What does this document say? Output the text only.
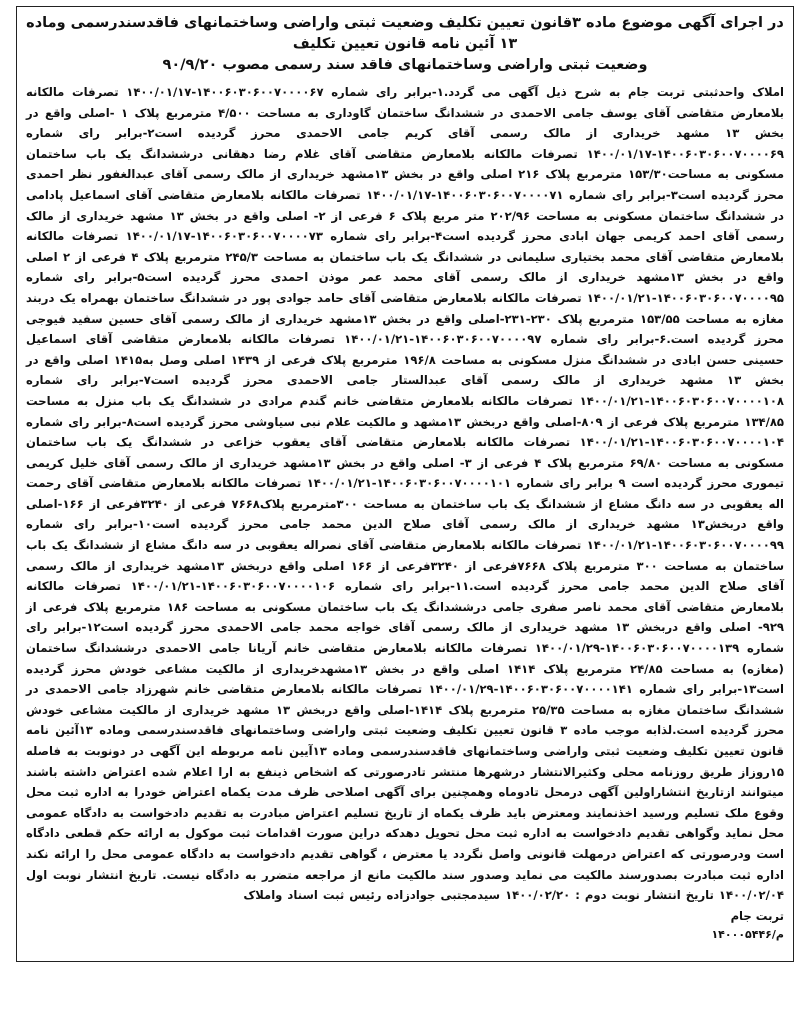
در اجرای آگهی موضوع ماده ۳قانون تعیین تکلیف وضعیت ثبتی واراضی وساختمانهای فاقدسندرسمی وماده ۱۳ آئین نامه قانون تعیین تکلیف
وضعیت ثبتی واراضی وساختمانهای فاقد سند رسمی مصوب ۹۰/۹/۲۰

املاک واحدثبتی تربت جام به شرح ذیل آگهی می گردد.۱-برابر رای شماره ۱۴۰۰۶۰۳۰۶۰۰۷۰۰۰۰۶۷-۱۴۰۰/۰۱/۱۷ تصرفات مالکانه بلامعارض متقاضی آقای یوسف جامی الاحمدی در ششدانگ ساختمان گاوداری به مساحت ۴/۵۰۰ مترمربع پلاک ۱ -اصلی واقع در بخش ۱۳ مشهد خریداری از مالک رسمی آقای کریم جامی الاحمدی محرز گردیده است۲-برابر رای شماره ۱۴۰۰۶۰۳۰۶۰۰۷۰۰۰۰۶۹-۱۴۰۰/۰۱/۱۷ تصرفات مالکانه بلامعارض متقاضی آقای غلام رضا دهقانی درششدانگ یک باب ساختمان مسکونی به مساحت۱۵۳/۳۰ مترمربع پلاک ۲۱۶ اصلی واقع در بخش ۱۳مشهد خریداری از مالک رسمی آقای عبدالغفور نظر احمدی محرز گردیده است۳-برابر رای شماره ۱۴۰۰۶۰۳۰۶۰۰۷۰۰۰۰۷۱-۱۴۰۰/۰۱/۱۷ تصرفات مالکانه بلامعارض متقاضی آقای اسماعیل پادامی در ششدانگ ساختمان مسکونی به مساحت ۲۰۲/۹۶ متر مربع پلاک ۶ فرعی از ۲- اصلی واقع در بخش ۱۳ مشهد خریداری از مالک رسمی آقای احمد کریمی جهان ابادی محرز گردیده است۴-برابر رای شماره ۱۴۰۰۶۰۳۰۶۰۰۷۰۰۰۰۷۳-۱۴۰۰/۰۱/۱۷ تصرفات مالکانه بلامعارض متقاضی آقای محمد بختیاری سلیمانی در ششدانگ یک باب ساختمان به مساحت ۲۴۵/۳ مترمربع پلاک ۴ فرعی از ۲ اصلی واقع در بخش ۱۳مشهد خریداری از مالک رسمی آقای محمد عمر موذن احمدی محرز گردیده است۵-برابر رای شماره ۱۴۰۰۶۰۳۰۶۰۰۷۰۰۰۰۹۵-۱۴۰۰/۰۱/۲۱ تصرفات مالکانه بلامعارض متقاضی آقای حامد جوادی پور در ششدانگ ساختمان بهمراه یک دربند مغازه به مساحت ۱۵۳/۵۵ مترمربع پلاک ۲۳۰-۲۳۱-اصلی واقع در بخش ۱۳مشهد خریداری از مالک رسمی آقای حسین سفید فیوجی محرز گردیده است.۶-برابر رای شماره ۱۴۰۰۶۰۳۰۶۰۰۷۰۰۰۰۹۷-۱۴۰۰/۰۱/۲۱ تصرفات مالکانه بلامعارض متقاضی آقای اسماعیل حسینی حسن ابادی در ششدانگ منزل مسکونی به مساحت ۱۹۶/۸ مترمربع پلاک فرعی از ۱۴۳۹ اصلی وصل به۱۴۱۵ اصلی واقع در بخش ۱۳ مشهد خریداری از مالک رسمی آقای عبدالستار جامی الاحمدی محرز گردیده است۷-برابر رای شماره ۱۴۰۰۶۰۳۰۶۰۰۷۰۰۰۰۱۰۸-۱۴۰۰/۰۱/۲۱ تصرفات مالکانه بلامعارض متقاضی خانم گندم مرادی در ششدانگ یک باب منزل به مساحت ۱۳۴/۸۵ مترمربع پلاک فرعی از ۸۰۹-اصلی واقع دربخش ۱۳مشهد و مالکیت علام نبی سیاوشی محرز گردیده است۸-برابر رای شماره ۱۴۰۰۶۰۳۰۶۰۰۷۰۰۰۰۱۰۴-۱۴۰۰/۰۱/۲۱ تصرفات مالکانه بلامعارض متقاضی آقای یعقوب خزاعی در ششدانگ یک باب ساختمان مسکونی به مساحت ۶۹/۸۰ مترمربع پلاک ۴ فرعی از ۳- اصلی واقع در بخش ۱۳مشهد خریداری از مالک رسمی آقای خلیل کریمی تیموری محرز گردیده است ۹ برابر رای شماره ۱۴۰۰۶۰۳۰۶۰۰۷۰۰۰۰۱۰۱-۱۴۰۰/۰۱/۲۱ تصرفات مالکانه بلامعارض متقاضی آقای رحمت اله یعقوبی در سه دانگ مشاع از ششدانگ یک باب ساختمان به مساحت ۳۰۰مترمربع پلاک۷۶۶۸ فرعی از ۳۲۴۰فرعی از ۱۶۶-اصلی واقع دربخش۱۳ مشهد خریداری از مالک رسمی آقای صلاح الدین محمد جامی محرز گردیده است۱۰-برابر رای شماره ۱۴۰۰۶۰۳۰۶۰۰۷۰۰۰۰۹۹-۱۴۰۰/۰۱/۲۱ تصرفات مالکانه بلامعارض متقاضی آقای نصراله یعقوبی در سه دانگ مشاع از ششدانگ یک باب ساختمان به مساحت ۳۰۰ مترمربع پلاک ۷۶۶۸فرعی از ۳۲۴۰فرعی از ۱۶۶ اصلی واقع دربخش ۱۳مشهد خریداری از مالک رسمی آقای صلاح الدین محمد جامی محرز گردیده است.۱۱-برابر رای شماره ۱۴۰۰۶۰۳۰۶۰۰۷۰۰۰۰۱۰۶-۱۴۰۰/۰۱/۲۱ تصرفات مالکانه بلامعارض متقاضی آقای محمد ناصر صفری جامی درششدانگ یک باب ساختمان مسکونی به مساحت ۱۸۶ مترمربع پلاک فرعی از ۹۲۹- اصلی واقع دربخش ۱۳ مشهد خریداری از مالک رسمی آقای خواجه محمد جامی الاحمدی محرز گردیده است۱۲-برابر رای شماره ۱۴۰۰۶۰۳۰۶۰۰۷۰۰۰۰۱۳۹-۱۴۰۰/۰۱/۲۹ تصرفات مالکانه بلامعارض متقاضی خانم آریانا جامی الاحمدی درششدانگ ساختمان (مغازه) به مساحت ۲۴/۸۵ مترمربع پلاک ۱۴۱۴ اصلی واقع در بخش ۱۳مشهدخریداری از مالکیت مشاعی خودش محرز گردیده است۱۳-برابر رای شماره ۱۴۰۰۶۰۳۰۶۰۰۷۰۰۰۰۱۴۱-۱۴۰۰/۰۱/۲۹ تصرفات مالکانه بلامعارض متقاضی خانم شهرزاد جامی الاحمدی در ششدانگ ساختمان مغازه به مساحت ۲۵/۳۵ مترمربع پلاک ۱۴۱۴-اصلی واقع دربخش ۱۳ مشهد خریداری از مالکیت مشاعی خودش محرز گردیده است.لذابه موجب ماده ۳ قانون تعیین تکلیف وضعیت ثبتی واراضی وساختمانهای فاقدسندرسمی وماده ۱۳آئین نامه قانون تعیین تکلیف وضعیت ثبتی واراضی وساختمانهای فاقدسندرسمی وماده ۱۳آیین نامه مربوطه این آگهی در دونوبت به فاصله ۱۵روزاز طریق روزنامه محلی وکثیرالانتشار درشهرها منتشر تادرصورتی که اشخاص ذینفع به ارا اعلام شده اعتراض داشته باشند میتوانند ازتاریخ انتشاراولین آگهی درمحل تادوماه وهمچنین برای آگهی اصلاحی ظرف مدت یکماه اعتراض خودرا به اداره ثبت محل وقوع ملک تسلیم ورسید اخذنمایند ومعترض باید ظرف یکماه از تاریخ تسلیم اعتراض مبادرت به تقدیم دادخواست به دادگاه عمومی محل نماید وگواهی تقدیم دادخواست به اداره ثبت محل تحویل دهدکه دراین صورت اقدامات ثبت موکول به ارائه حکم قطعی دادگاه است ودرصورتی که اعتراض درمهلت قانونی واصل نگردد یا معترض ، گواهی تقدیم دادخواست به دادگاه عمومی محل را ارائه نکند اداره ثبت مبادرت بصدورسند مالکیت می نماید وصدور سند مالکیت مانع از مراجعه متضرر به دادگاه نیست. تاریخ انتشار نوبت اول ۱۴۰۰/۰۲/۰۴ تاریخ انتشار نوبت دوم : ۱۴۰۰/۰۲/۲۰ سیدمجتبی جوادزاده رئیس ثبت اسناد واملاک

تربت جام

م/۱۴۰۰۰۵۴۴۶
